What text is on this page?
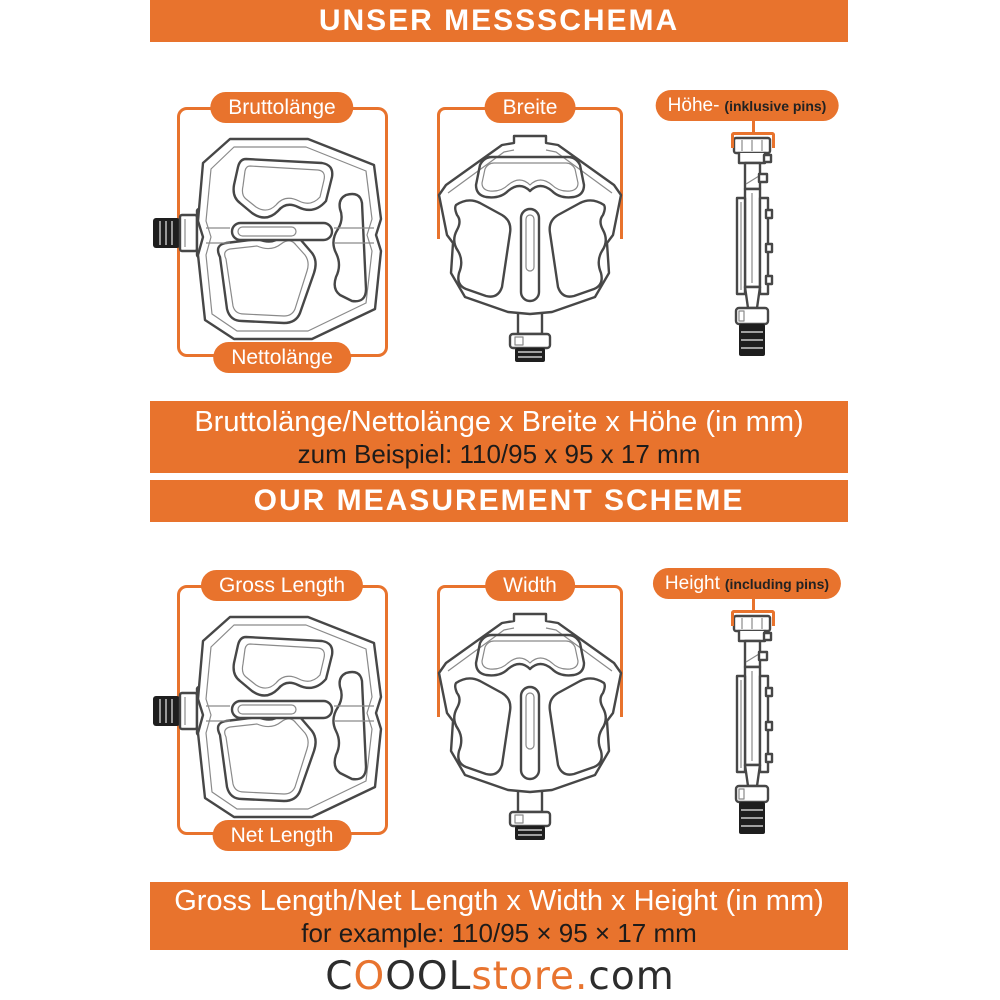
UNSER MESSSCHEMA
Bruttolänge
Nettolänge
Breite	Höhe- (inklusive pins)
Bruttolänge/Nettolänge x Breite x Höhe (in mm)
zum Beispiel: 110/95 x 95 x 17 mm
OUR MEASUREMENT SCHEME
Gross Length
Net Length
Width	Height (including pins)
Gross Length/Net Length x Width x Height (in mm)
for example: 110/95 × 95 × 17 mm
COOOLstore.com
